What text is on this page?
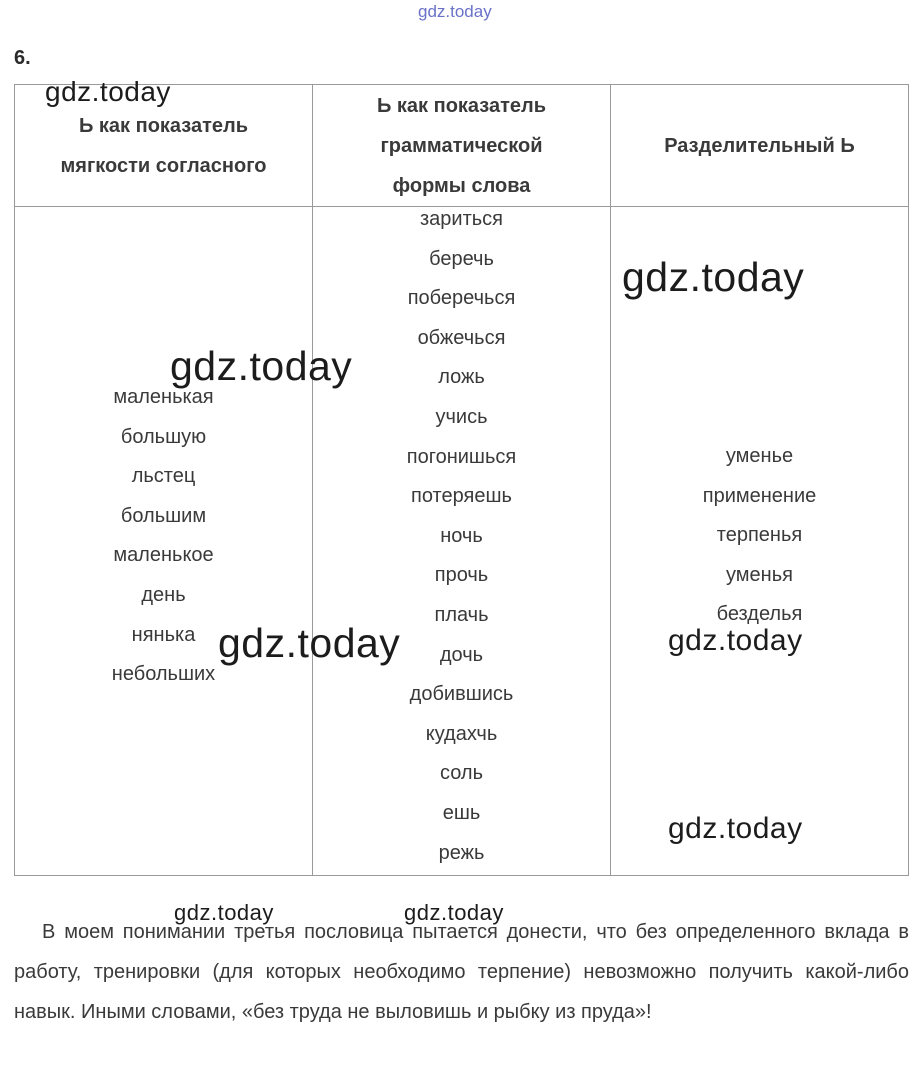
gdz.today
6.
Ь как показатель
мягкости согласного
Ь как показатель
грамматической
формы слова
Разделительный Ь
маленькая
большую
льстец
большим
маленькое
день
нянька
небольших
зариться
беречь
поберечься
обжечься
ложь
учись
погонишься
потеряешь
ночь
прочь
плачь
дочь
добившись
кудахчь
соль
ешь
режь
уменье
применение
терпенья
уменья
безделья
gdz.today
gdz.today
gdz.today
gdz.today	gdz.today
gdz.today
gdz.today	gdz.today

В моем понимании третья пословица пытается донести, что без определенного вклада в работу, тренировки (для которых необходимо терпение) невозможно получить какой-либо навык. Иными словами, «без труда не выловишь и рыбку из пруда»!
